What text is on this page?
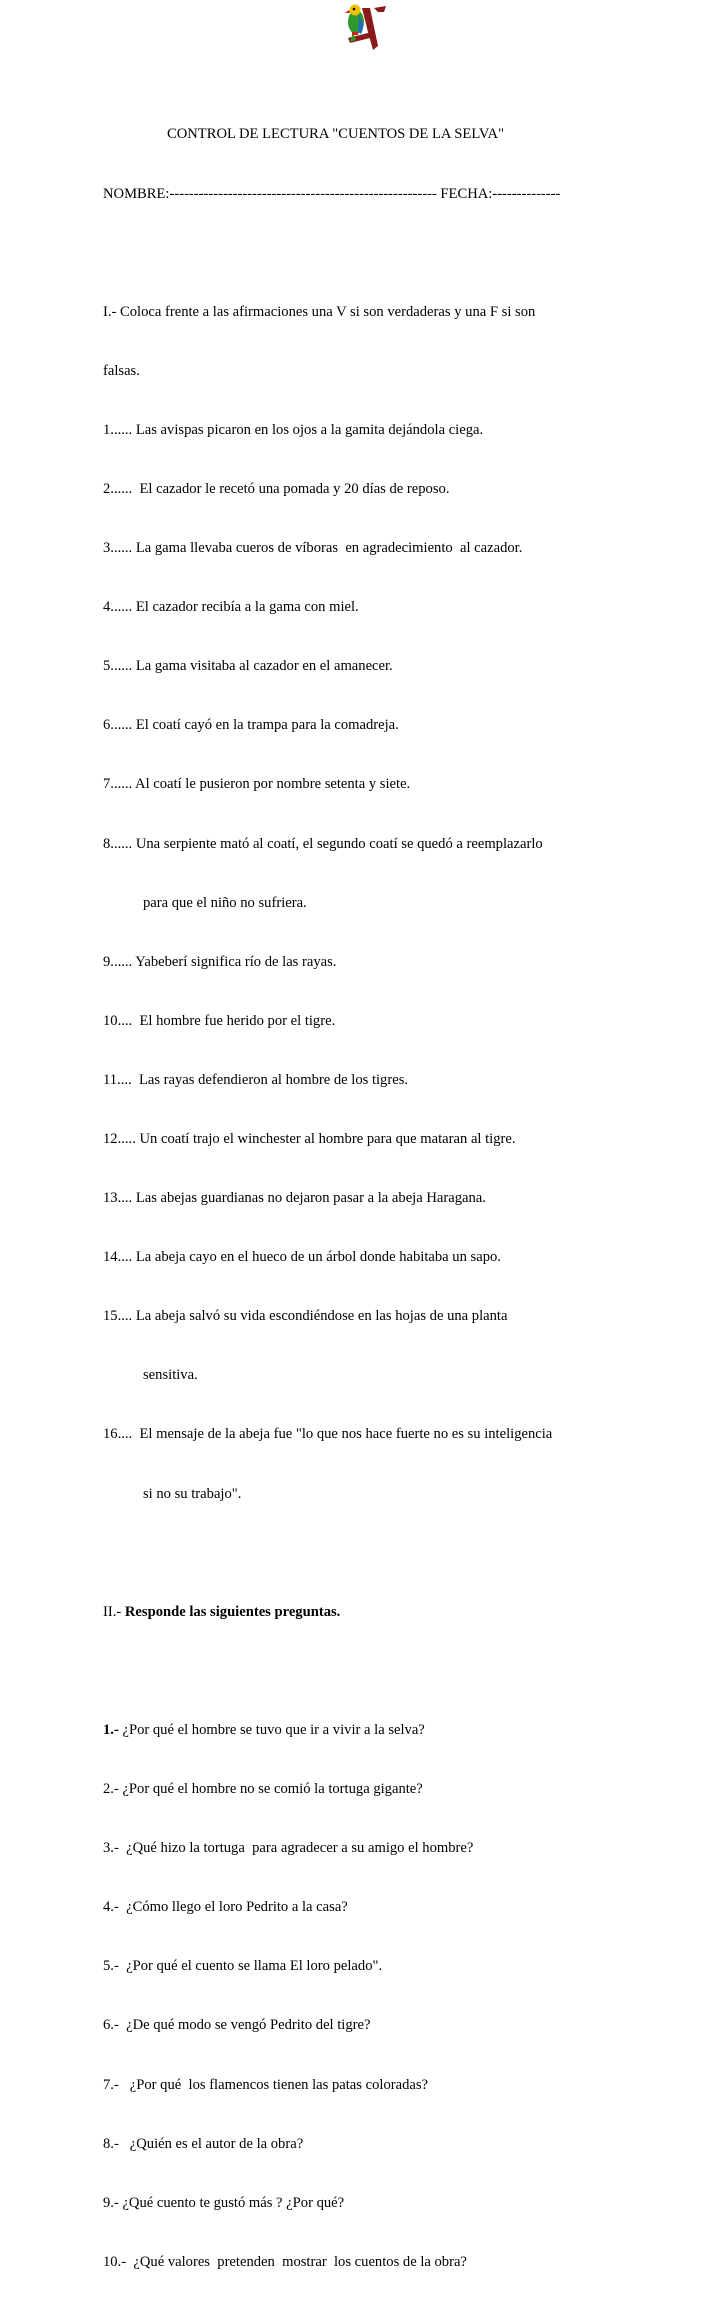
CONTROL DE LECTURA "CUENTOS DE LA SELVA"

NOMBRE:------------------------------------------------------- FECHA:--------------

I.- Coloca frente a las afirmaciones una V si son verdaderas y una F si son

falsas.

1...... Las avispas picaron en los ojos a la gamita dejándola ciega.

2......  El cazador le recetó una pomada y 20 días de reposo.

3...... La gama llevaba cueros de víboras  en agradecimiento  al cazador.

4...... El cazador recibía a la gama con miel.

5...... La gama visitaba al cazador en el amanecer.

6...... El coatí cayó en la trampa para la comadreja.

7...... Al coatí le pusieron por nombre setenta y siete.

8...... Una serpiente mató al coatí, el segundo coatí se quedó a reemplazarlo

para que el niño no sufriera.

9...... Yabeberí significa río de las rayas.

10....  El hombre fue herido por el tigre.

11....  Las rayas defendieron al hombre de los tigres.

12..... Un coatí trajo el winchester al hombre para que mataran al tigre.

13.... Las abejas guardianas no dejaron pasar a la abeja Haragana.

14.... La abeja cayo en el hueco de un árbol donde habitaba un sapo.

15.... La abeja salvó su vida escondiéndose en las hojas de una planta

sensitiva.

16....  El mensaje de la abeja fue "lo que nos hace fuerte no es su inteligencia

si no su trabajo".

II.- Responde las siguientes preguntas.

1.- ¿Por qué el hombre se tuvo que ir a vivir a la selva?

2.- ¿Por qué el hombre no se comió la tortuga gigante?

3.-  ¿Qué hizo la tortuga  para agradecer a su amigo el hombre?

4.-  ¿Cómo llego el loro Pedrito a la casa?

5.-  ¿Por qué el cuento se llama El loro pelado".

6.-  ¿De qué modo se vengó Pedrito del tigre?

7.-   ¿Por qué  los flamencos tienen las patas coloradas?

8.-   ¿Quién es el autor de la obra?

9.- ¿Qué cuento te gustó más ? ¿Por qué?

10.-  ¿Qué valores  pretenden  mostrar  los cuentos de la obra?
